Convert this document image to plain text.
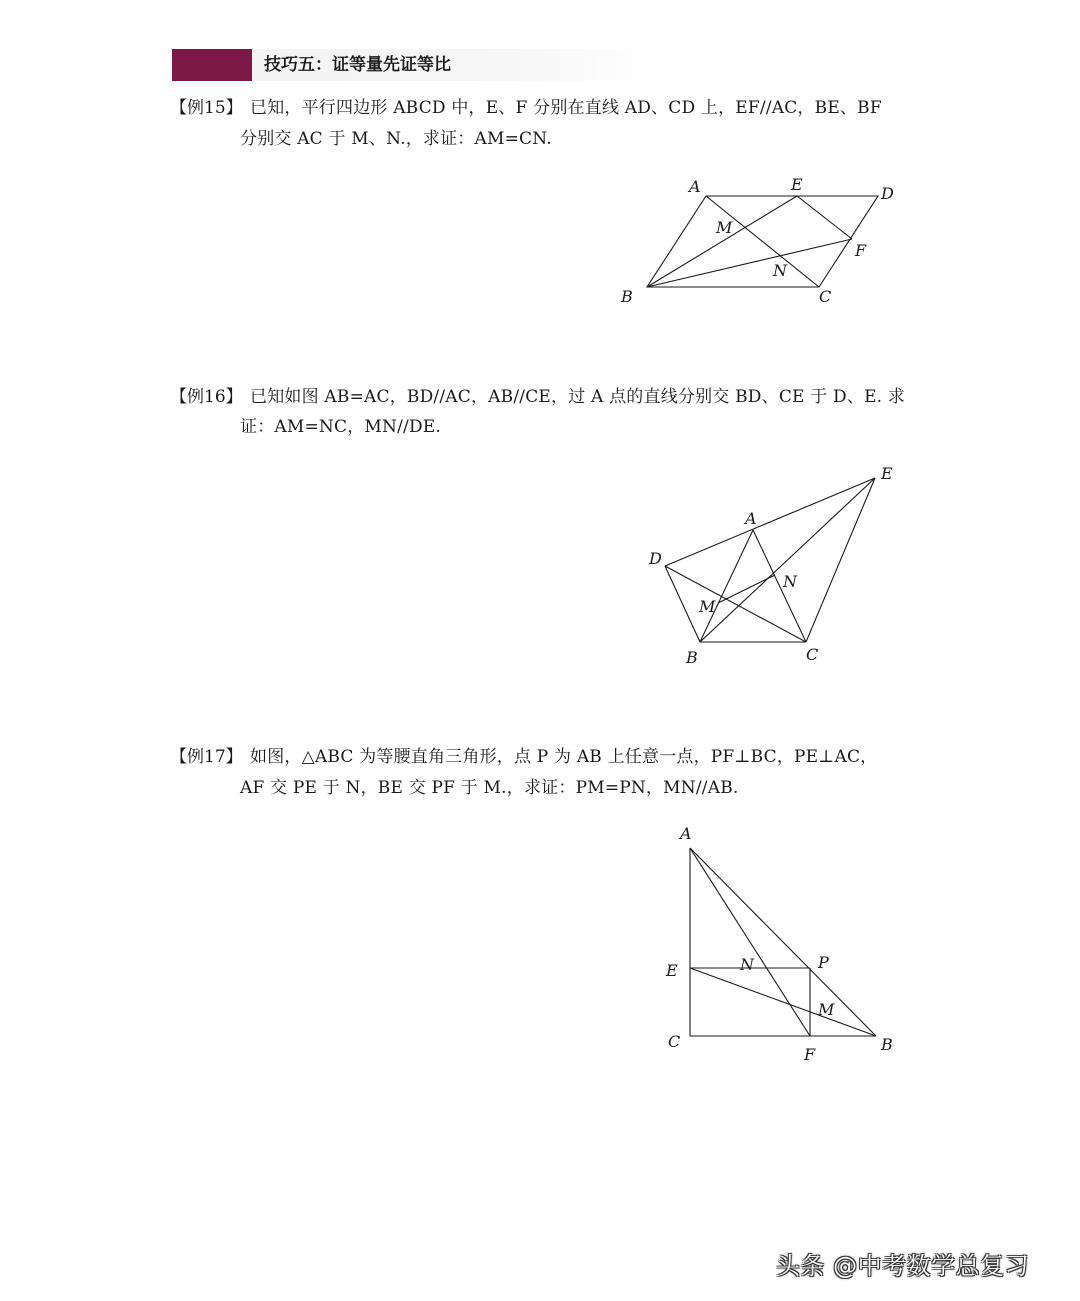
技巧五：证等量先证等比
【例15】 已知，平行四边形 ABCD 中，E、F 分别在直线 AD、CD 上，EF//AC，BE、BF
分别交 AC 于 M、N.，求证：AM=CN.
A	E	D
M
F
N
B	C
【例16】 已知如图 AB=AC，BD//AC，AB//CE，过 A 点的直线分别交 BD、CE 于 D、E. 求
证：AM=NC，MN//DE.
E
A
D
N
M
B	C
【例17】 如图，△ABC 为等腰直角三角形，点 P 为 AB 上任意一点，PF⊥BC，PE⊥AC，
AF 交 PE 于 N，BE 交 PF 于 M.，求证：PM=PN，MN//AB.
A
E	N	P
M
C
F
B
头条 @中考数学总复习
